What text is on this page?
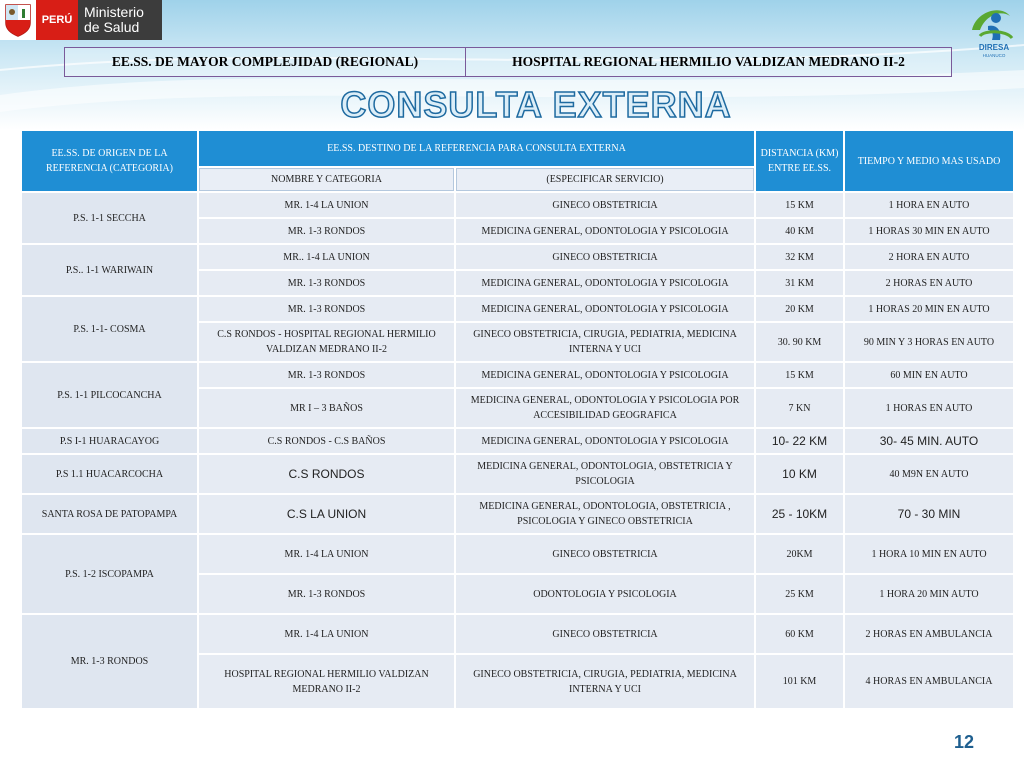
PERÚ Ministerio
de Salud
DIRESA
HUANUCO
EE.SS. DE MAYOR COMPLEJIDAD (REGIONAL)	HOSPITAL REGIONAL HERMILIO VALDIZAN MEDRANO II-2
CONSULTA EXTERNA
EE.SS. DE ORIGEN DE LA REFERENCIA (CATEGORIA)	EE.SS. DESTINO DE LA REFERENCIA PARA CONSULTA EXTERNA		DISTANCIA (KM) ENTRE EE.SS.	TIEMPO Y MEDIO MAS USADO
	NOMBRE Y CATEGORIA	(ESPECIFICAR SERVICIO)		
P.S. 1-1 SECCHA	MR. 1-4 LA UNION	GINECO OBSTETRICIA	15 KM	1 HORA EN AUTO
	MR. 1-3 RONDOS	MEDICINA GENERAL, ODONTOLOGIA Y PSICOLOGIA	40 KM	1 HORAS 30 MIN EN AUTO
P.S.. 1-1 WARIWAIN	MR.. 1-4 LA UNION	GINECO OBSTETRICIA	32 KM	2 HORA EN AUTO
	MR. 1-3 RONDOS	MEDICINA GENERAL, ODONTOLOGIA Y PSICOLOGIA	31 KM	2 HORAS EN AUTO
P.S. 1-1- COSMA	MR. 1-3 RONDOS	MEDICINA GENERAL, ODONTOLOGIA Y PSICOLOGIA	20 KM	1 HORAS 20 MIN EN AUTO
	C.S RONDOS - HOSPITAL REGIONAL HERMILIO VALDIZAN MEDRANO II-2	GINECO OBSTETRICIA, CIRUGIA, PEDIATRIA, MEDICINA INTERNA Y UCI	30. 90 KM	90 MIN Y 3 HORAS EN AUTO
P.S. 1-1 PILCOCANCHA	MR. 1-3 RONDOS	MEDICINA GENERAL, ODONTOLOGIA Y PSICOLOGIA	15 KM	60 MIN EN AUTO
	MR I – 3 BAÑOS	MEDICINA GENERAL, ODONTOLOGIA Y PSICOLOGIA POR ACCESIBILIDAD GEOGRAFICA	7 KN	1 HORAS EN AUTO
P.S I-1 HUARACAYOG	C.S RONDOS - C.S BAÑOS	MEDICINA GENERAL, ODONTOLOGIA Y PSICOLOGIA	10- 22 KM	30- 45 MIN. AUTO
P.S 1.1 HUACARCOCHA	C.S RONDOS	MEDICINA GENERAL, ODONTOLOGIA, OBSTETRICIA Y PSICOLOGIA	10 KM	40 M9N EN AUTO
SANTA ROSA DE PATOPAMPA	C.S LA UNION	MEDICINA GENERAL, ODONTOLOGIA, OBSTETRICIA , PSICOLOGIA Y GINECO OBSTETRICIA	25 - 10KM	70 - 30 MIN
P.S. 1-2 ISCOPAMPA	MR. 1-4 LA UNION	GINECO OBSTETRICIA	20KM	1 HORA 10 MIN EN AUTO
	MR. 1-3 RONDOS	ODONTOLOGIA Y PSICOLOGIA	25 KM	1 HORA 20 MIN AUTO
MR. 1-3 RONDOS	MR. 1-4 LA UNION	GINECO OBSTETRICIA	60 KM	2 HORAS EN AMBULANCIA
	HOSPITAL REGIONAL HERMILIO VALDIZAN MEDRANO II-2	GINECO OBSTETRICIA, CIRUGIA, PEDIATRIA, MEDICINA INTERNA Y UCI	101 KM	4 HORAS EN AMBULANCIA
12
